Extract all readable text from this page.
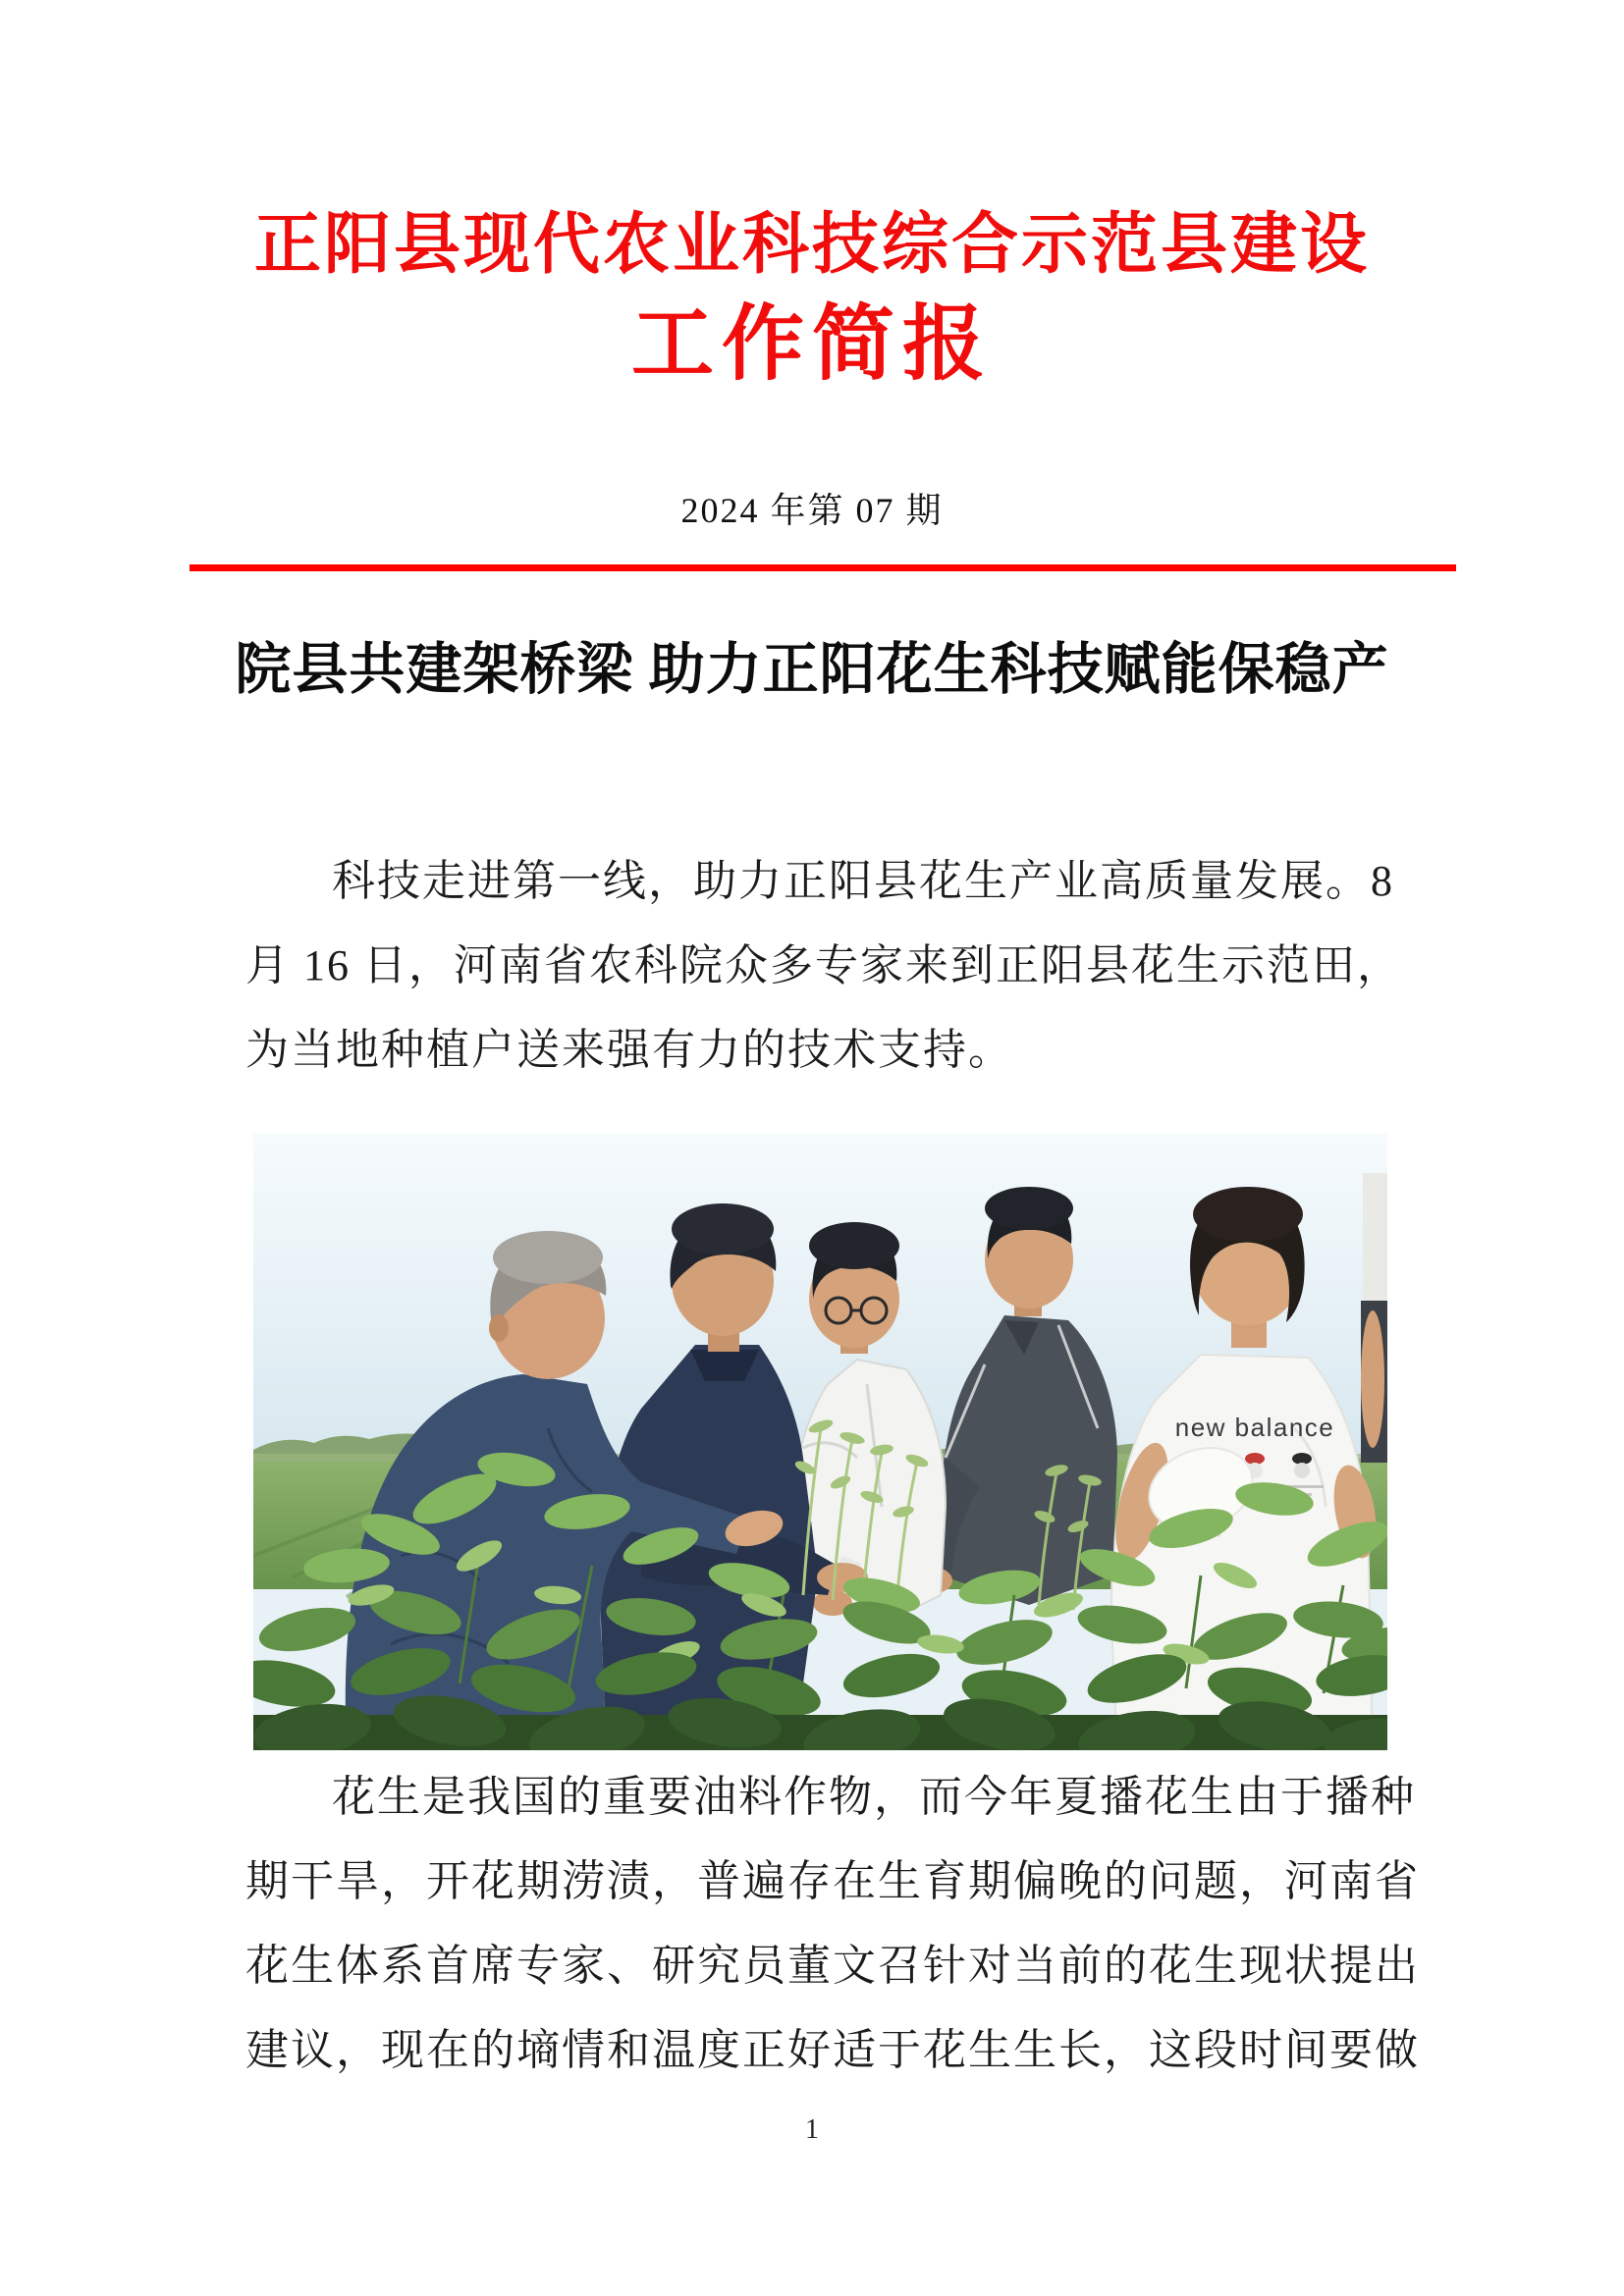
正阳县现代农业科技综合示范县建设
工作简报
2024 年第 07 期
院县共建架桥梁 助力正阳花生科技赋能保稳产
科技走进第一线，助力正阳县花生产业高质量发展。8
月 16 日，河南省农科院众多专家来到正阳县花生示范田，
为当地种植户送来强有力的技术支持。
new balance
花生是我国的重要油料作物，而今年夏播花生由于播种
期干旱，开花期涝渍，普遍存在生育期偏晚的问题，河南省
花生体系首席专家、研究员董文召针对当前的花生现状提出
建议，现在的墒情和温度正好适于花生生长，这段时间要做
1
